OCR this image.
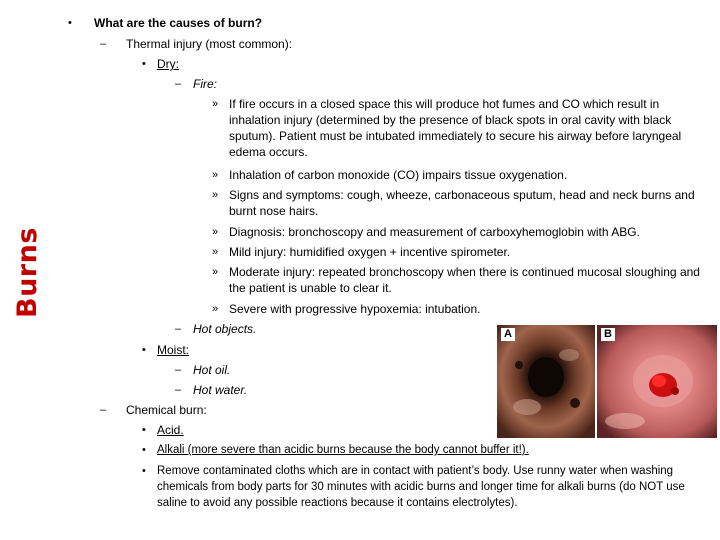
Burns
• What are the causes of burn?
– Thermal injury (most common):
• Dry:
– Fire:
» If fire occurs in a closed space this will produce hot fumes and CO which result in inhalation injury (determined by the presence of black spots in oral cavity with black sputum). Patient must be intubated immediately to secure his airway before laryngeal edema occurs.
» Inhalation of carbon monoxide (CO) impairs tissue oxygenation.
» Signs and symptoms: cough, wheeze, carbonaceous sputum, head and neck burns and burnt nose hairs.
» Diagnosis: bronchoscopy and measurement of carboxyhemoglobin with ABG.
» Mild injury: humidified oxygen + incentive spirometer.
» Moderate injury: repeated bronchoscopy when there is continued mucosal sloughing and the patient is unable to clear it.
» Severe with progressive hypoxemia: intubation.
– Hot objects.
• Moist:
– Hot oil.
– Hot water.
– Chemical burn:
• Acid.
• Alkali (more severe than acidic burns because the body cannot buffer it!).
• Remove contaminated cloths which are in contact with patient’s body. Use runny water when washing chemicals from body parts for 30 minutes with acidic burns and longer time for alkali burns (do NOT use saline to avoid any possible reactions because it contains electrolytes).
A	B
